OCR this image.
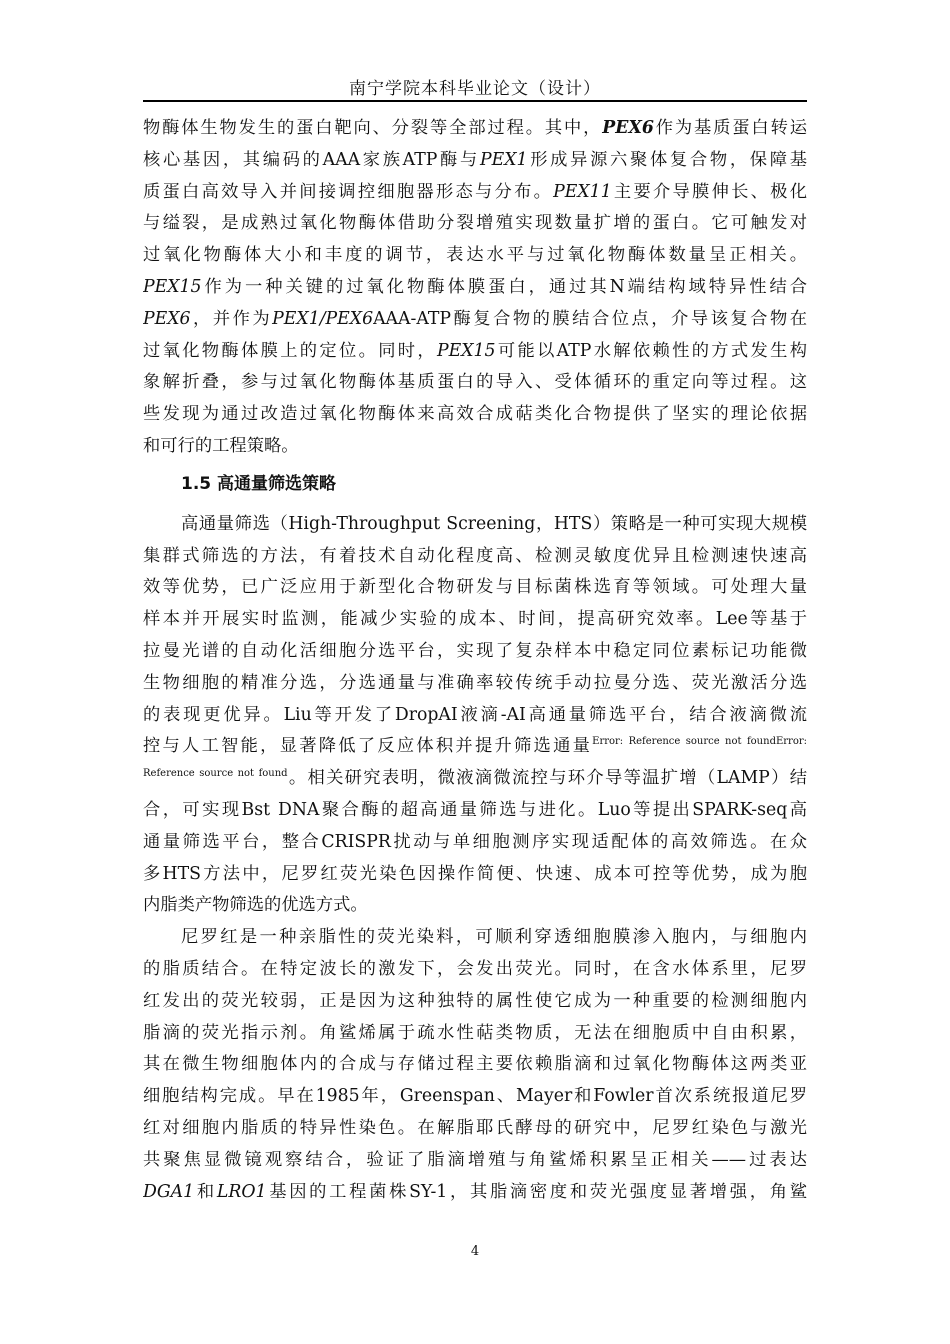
南宁学院本科毕业论文（设计）
物酶体生物发生的蛋白靶向、分裂等全部过程。其中，PEX6作为基质蛋白转运
核心基因，其编码的AAA家族ATP酶与PEX1形成异源六聚体复合物，保障基
质蛋白高效导入并间接调控细胞器形态与分布。PEX11主要介导膜伸长、极化
与缢裂，是成熟过氧化物酶体借助分裂增殖实现数量扩增的蛋白。它可触发对
过氧化物酶体大小和丰度的调节，表达水平与过氧化物酶体数量呈正相关。
PEX15作为一种关键的过氧化物酶体膜蛋白，通过其N端结构域特异性结合
PEX6，并作为PEX1/PEX6AAA-ATP酶复合物的膜结合位点，介导该复合物在
过氧化物酶体膜上的定位。同时，PEX15可能以ATP水解依赖性的方式发生构
象解折叠，参与过氧化物酶体基质蛋白的导入、受体循环的重定向等过程。这
些发现为通过改造过氧化物酶体来高效合成萜类化合物提供了坚实的理论依据
和可行的工程策略。
1.5 高通量筛选策略
高通量筛选（High-Throughput Screening，HTS）策略是一种可实现大规模
集群式筛选的方法，有着技术自动化程度高、检测灵敏度优异且检测速快速高
效等优势，已广泛应用于新型化合物研发与目标菌株选育等领域。可处理大量
样本并开展实时监测，能减少实验的成本、时间，提高研究效率。Lee等基于
拉曼光谱的自动化活细胞分选平台，实现了复杂样本中稳定同位素标记功能微
生物细胞的精准分选，分选通量与准确率较传统手动拉曼分选、荧光激活分选
的表现更优异。Liu等开发了DropAI液滴-AI高通量筛选平台，结合液滴微流
控与人工智能，显著降低了反应体积并提升筛选通量$^{Error: Reference source not foundError:}$
$^{Reference source not found}$。相关研究表明，微液滴微流控与环介导等温扩增（LAMP）结
合，可实现Bst DNA聚合酶的超高通量筛选与进化。Luo等提出SPARK-seq高
通量筛选平台，整合CRISPR扰动与单细胞测序实现适配体的高效筛选。在众
多HTS方法中，尼罗红荧光染色因操作简便、快速、成本可控等优势，成为胞
内脂类产物筛选的优选方式。
尼罗红是一种亲脂性的荧光染料，可顺利穿透细胞膜渗入胞内，与细胞内
的脂质结合。在特定波长的激发下，会发出荧光。同时，在含水体系里，尼罗
红发出的荧光较弱，正是因为这种独特的属性使它成为一种重要的检测细胞内
脂滴的荧光指示剂。角鲨烯属于疏水性萜类物质，无法在细胞质中自由积累，
其在微生物细胞体内的合成与存储过程主要依赖脂滴和过氧化物酶体这两类亚
细胞结构完成。早在1985年，Greenspan、Mayer和Fowler首次系统报道尼罗
红对细胞内脂质的特异性染色。在解脂耶氏酵母的研究中，尼罗红染色与激光
共聚焦显微镜观察结合，验证了脂滴增殖与角鲨烯积累呈正相关——过表达
DGA1和LRO1基因的工程菌株SY-1，其脂滴密度和荧光强度显著增强，角鲨
4
